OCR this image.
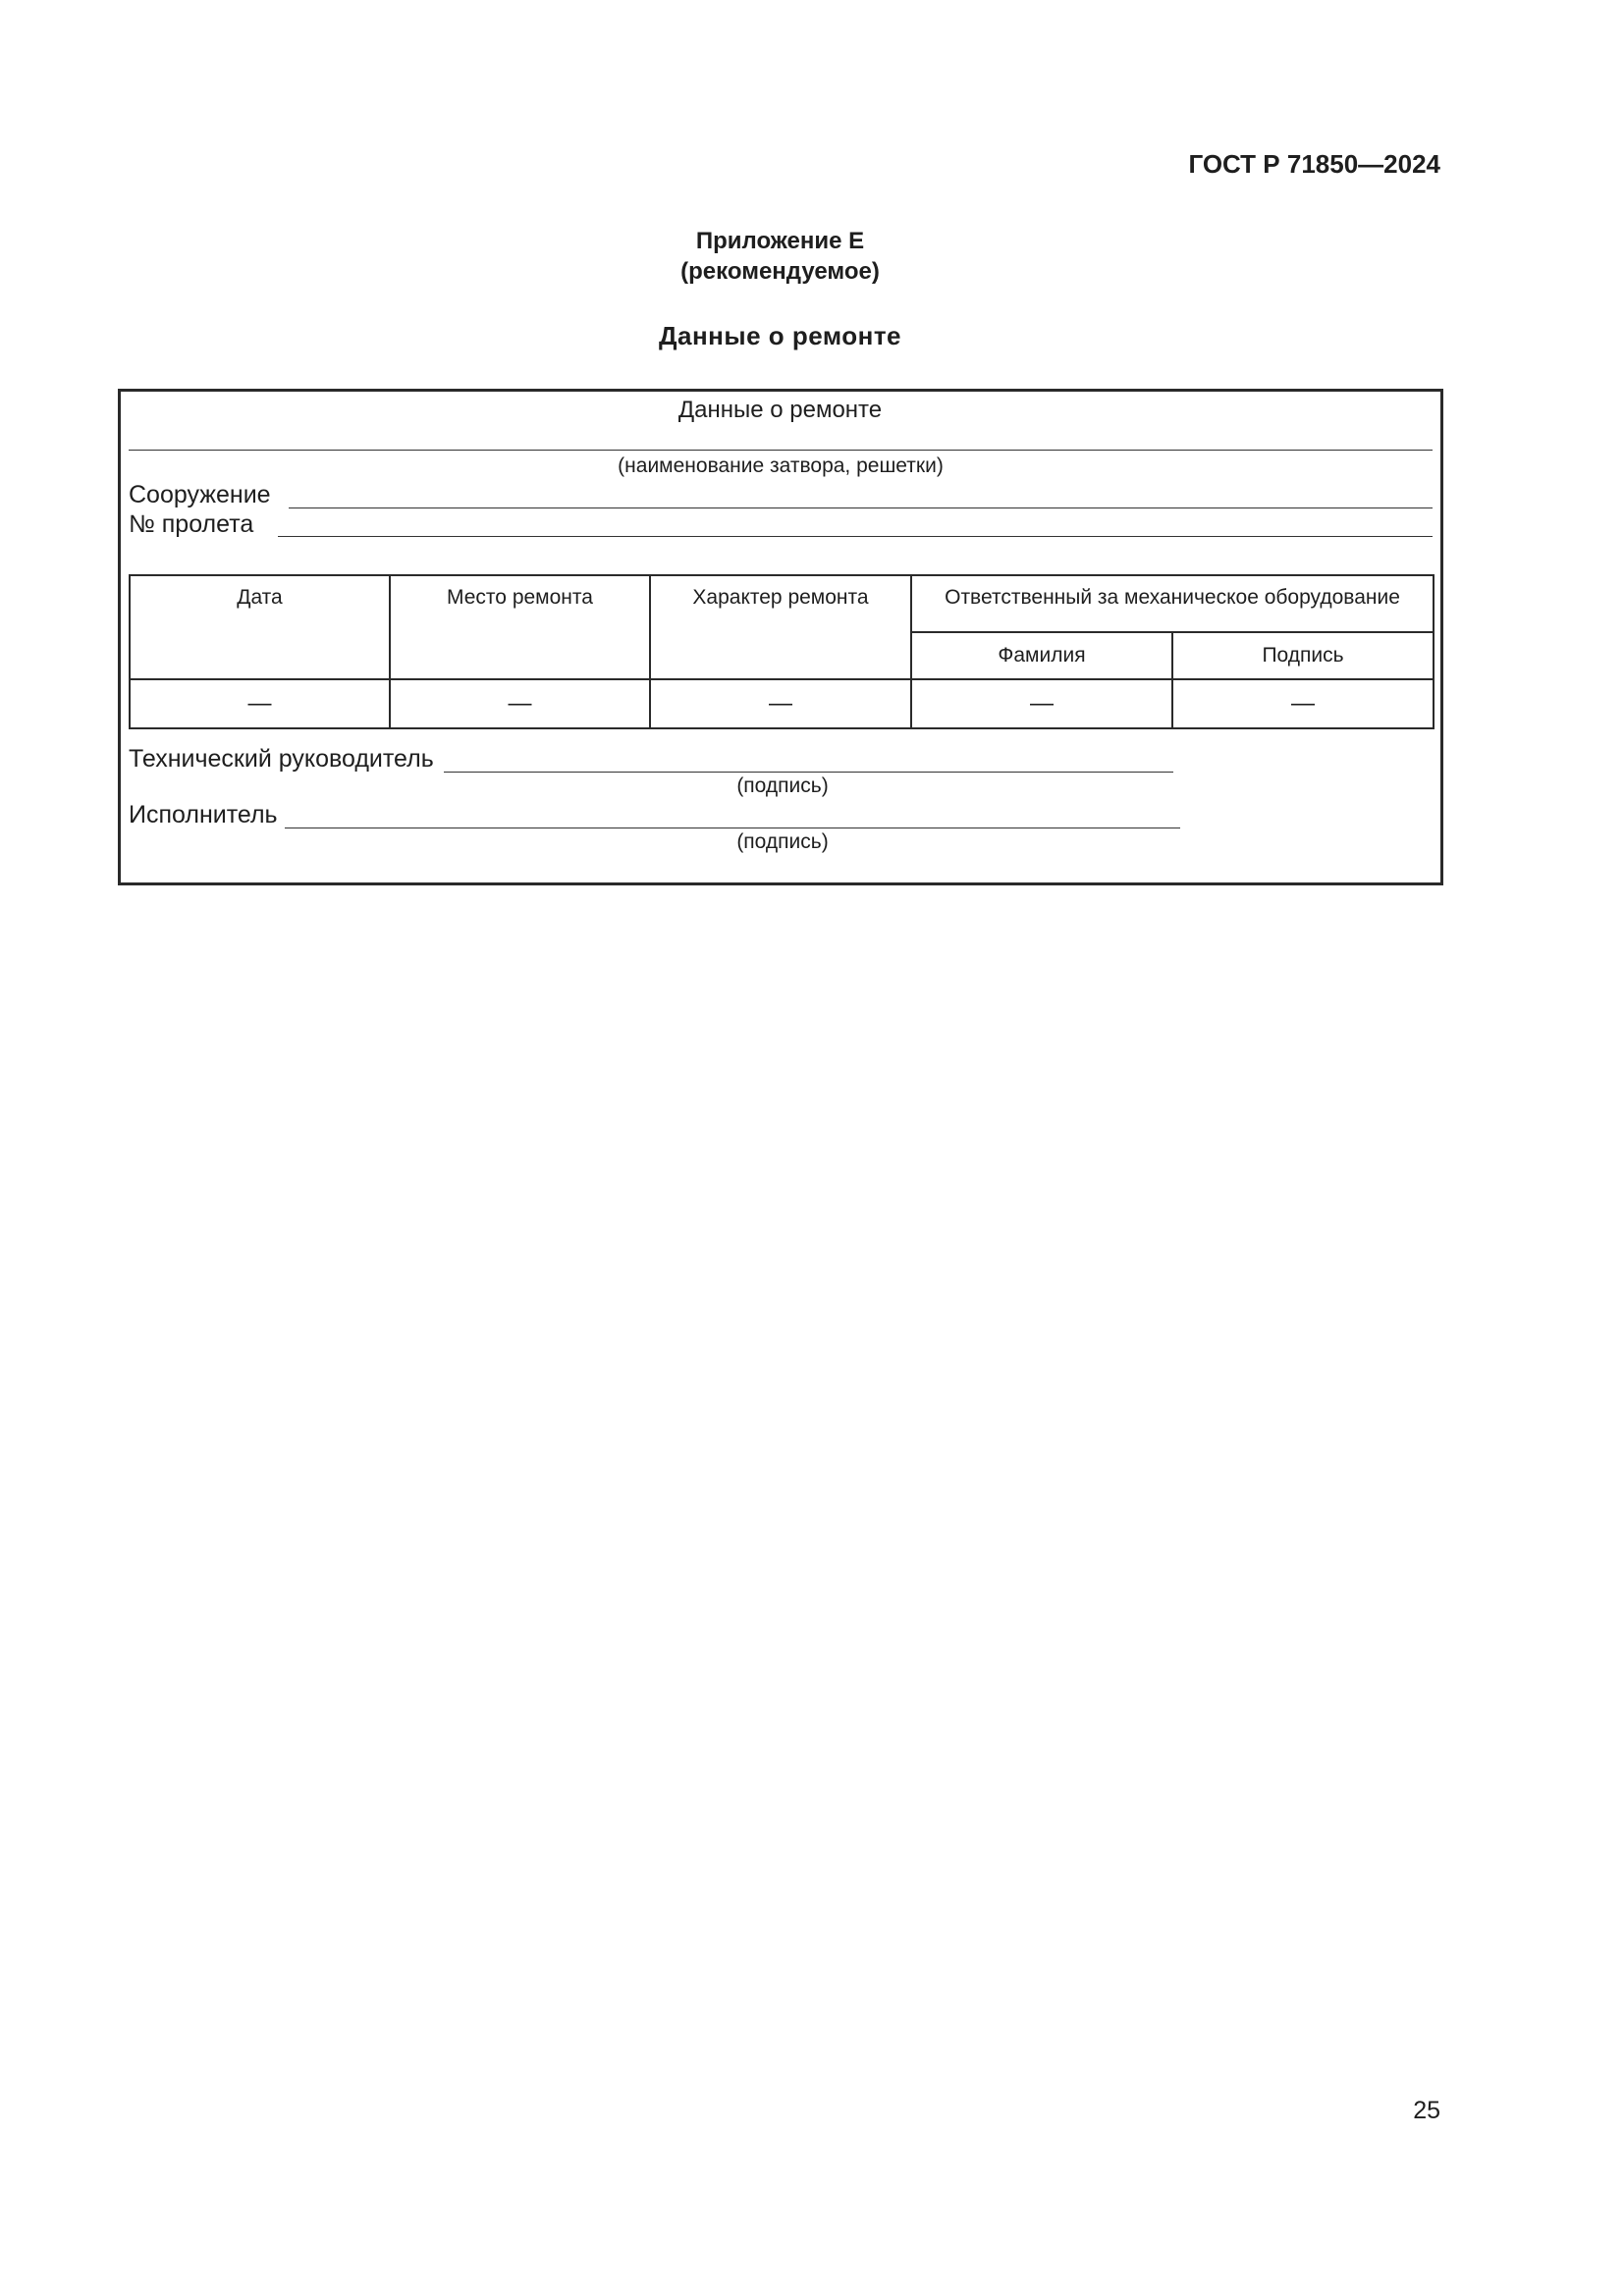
ГОСТ Р 71850—2024
Приложение Е
(рекомендуемое)
Данные о ремонте
Данные о ремонте
(наименование затвора, решетки)
Сооружение
№ пролета
Дата	Место ремонта	Характер ремонта	Ответственный за механическое оборудование	
			Фамилия	Подпись
—	—	—	—	—
Технический руководитель
(подпись)
Исполнитель
(подпись)
25
